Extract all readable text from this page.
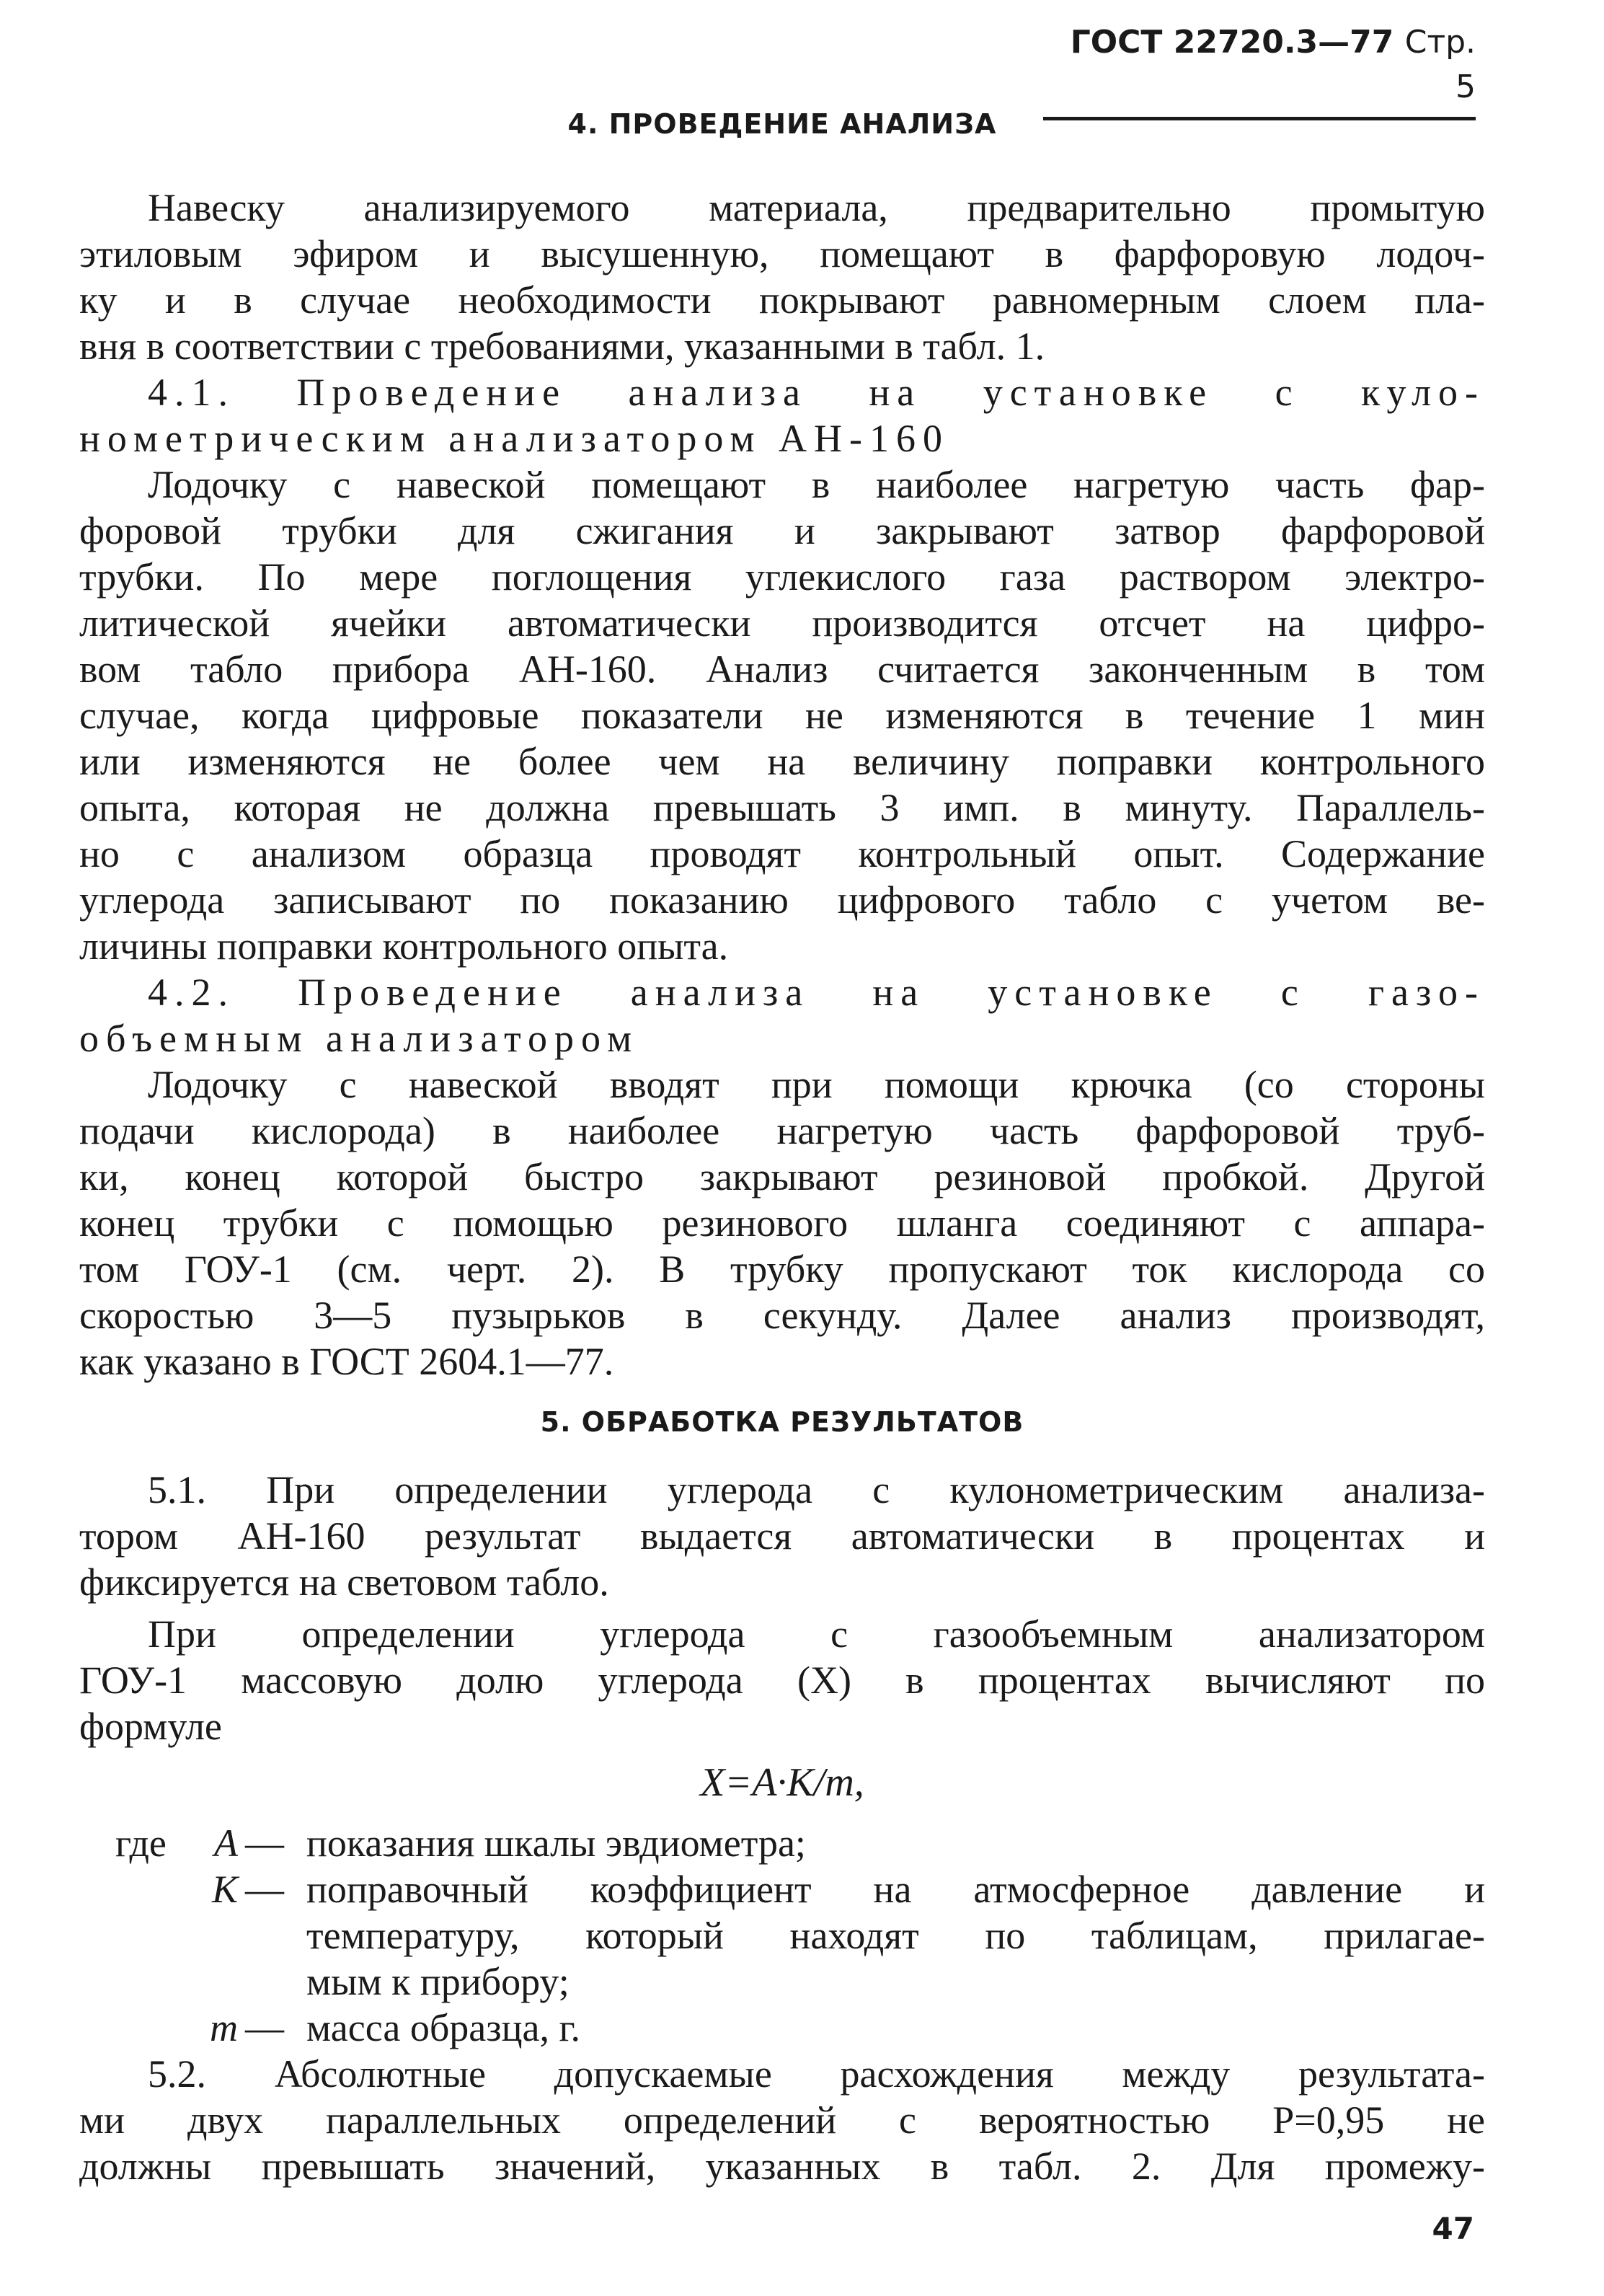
ГОСТ 22720.3—77 Стр. 5
4. ПРОВЕДЕНИЕ АНАЛИЗА
Навеску анализируемого материала, предварительно промытую
этиловым эфиром и высушенную, помещают в фарфоровую лодоч-
ку и в случае необходимости покрывают равномерным слоем пла-
вня в соответствии с требованиями, указанными в табл. 1.
4.1. Проведение анализа на установке с куло-
нометрическим анализатором АН-160
Лодочку с навеской помещают в наиболее нагретую часть фар-
форовой трубки для сжигания и закрывают затвор фарфоровой
трубки. По мере поглощения углекислого газа раствором электро-
литической ячейки автоматически производится отсчет на цифро-
вом табло прибора АН-160. Анализ считается законченным в том
случае, когда цифровые показатели не изменяются в течение 1 мин
или изменяются не более чем на величину поправки контрольного
опыта, которая не должна превышать 3 имп. в минуту. Параллель-
но с анализом образца проводят контрольный опыт. Содержание
углерода записывают по показанию цифрового табло с учетом ве-
личины поправки контрольного опыта.
4.2. Проведение анализа на установке с газо-
объемным анализатором
Лодочку с навеской вводят при помощи крючка (со стороны
подачи кислорода) в наиболее нагретую часть фарфоровой труб-
ки, конец которой быстро закрывают резиновой пробкой. Другой
конец трубки с помощью резинового шланга соединяют с аппара-
том ГОУ-1 (см. черт. 2). В трубку пропускают ток кислорода со
скоростью 3—5 пузырьков в секунду. Далее анализ производят,
как указано в ГОСТ 2604.1—77.
5. ОБРАБОТКА РЕЗУЛЬТАТОВ
5.1. При определении углерода с кулонометрическим анализа-
тором АН-160 результат выдается автоматически в процентах и
фиксируется на световом табло.
При определении углерода с газообъемным анализатором
ГОУ-1 массовую долю углерода (X) в процентах вычисляют по
формуле
X=A·K/m,
где	A — показания шкалы эвдиометра;
K — поправочный коэффициент на атмосферное давление и
температуру, который находят по таблицам, прилагае-
мым к прибору;
m — масса образца, г.
5.2. Абсолютные допускаемые расхождения между результата-
ми двух параллельных определений с вероятностью P=0,95 не
должны превышать значений, указанных в табл. 2. Для промежу-
47
